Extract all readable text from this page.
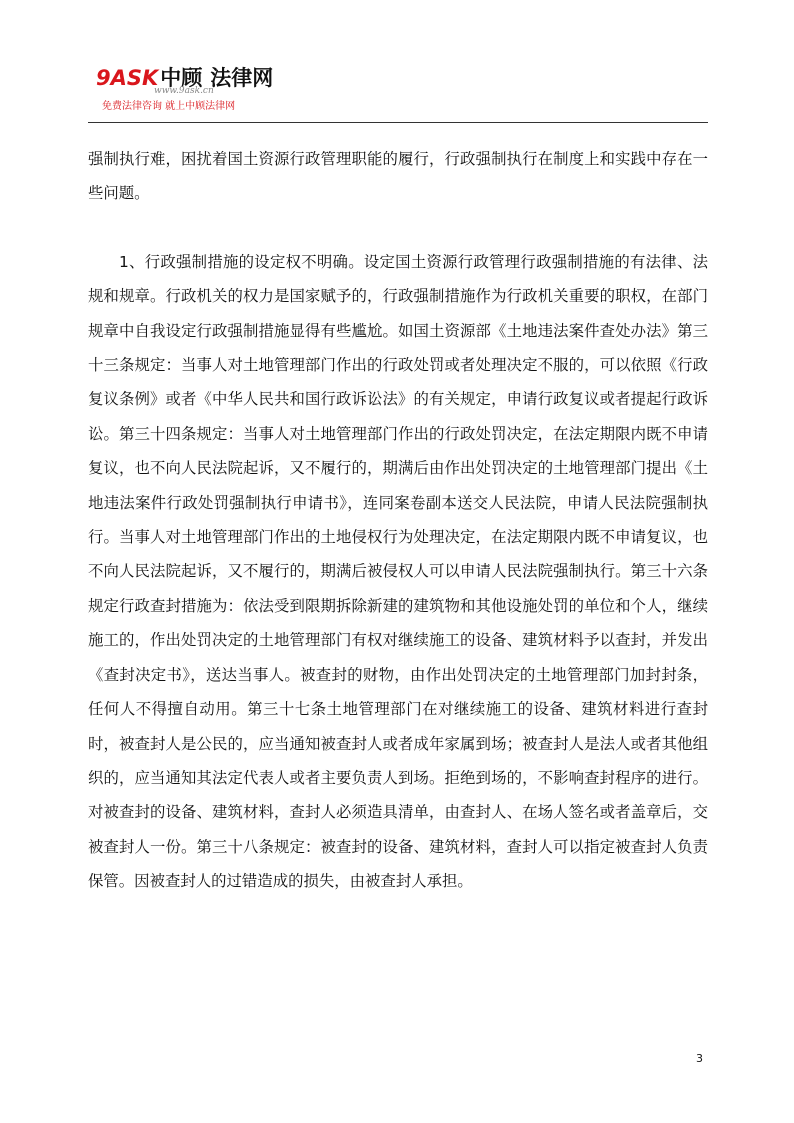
9ASK中顾 法律网
www.9ask.cn
免费法律咨询 就上中顾法律网

强制执行难，困扰着国土资源行政管理职能的履行，行政强制执行在制度上和实践中存在一些问题。

1、行政强制措施的设定权不明确。设定国土资源行政管理行政强制措施的有法律、法规和规章。行政机关的权力是国家赋予的，行政强制措施作为行政机关重要的职权，在部门规章中自我设定行政强制措施显得有些尴尬。如国土资源部《土地违法案件查处办法》第三十三条规定：当事人对土地管理部门作出的行政处罚或者处理决定不服的，可以依照《行政复议条例》或者《中华人民共和国行政诉讼法》的有关规定，申请行政复议或者提起行政诉讼。第三十四条规定：当事人对土地管理部门作出的行政处罚决定，在法定期限内既不申请复议，也不向人民法院起诉，又不履行的，期满后由作出处罚决定的土地管理部门提出《土地违法案件行政处罚强制执行申请书》，连同案卷副本送交人民法院，申请人民法院强制执行。当事人对土地管理部门作出的土地侵权行为处理决定，在法定期限内既不申请复议，也不向人民法院起诉，又不履行的，期满后被侵权人可以申请人民法院强制执行。第三十六条规定行政查封措施为：依法受到限期拆除新建的建筑物和其他设施处罚的单位和个人，继续施工的，作出处罚决定的土地管理部门有权对继续施工的设备、建筑材料予以查封，并发出《查封决定书》，送达当事人。被查封的财物，由作出处罚决定的土地管理部门加封封条，任何人不得擅自动用。第三十七条土地管理部门在对继续施工的设备、建筑材料进行查封时，被查封人是公民的，应当通知被查封人或者成年家属到场；被查封人是法人或者其他组织的，应当通知其法定代表人或者主要负责人到场。拒绝到场的，不影响查封程序的进行。对被查封的设备、建筑材料，查封人必须造具清单，由查封人、在场人签名或者盖章后，交被查封人一份。第三十八条规定：被查封的设备、建筑材料，查封人可以指定被查封人负责保管。因被查封人的过错造成的损失，由被查封人承担。

3
